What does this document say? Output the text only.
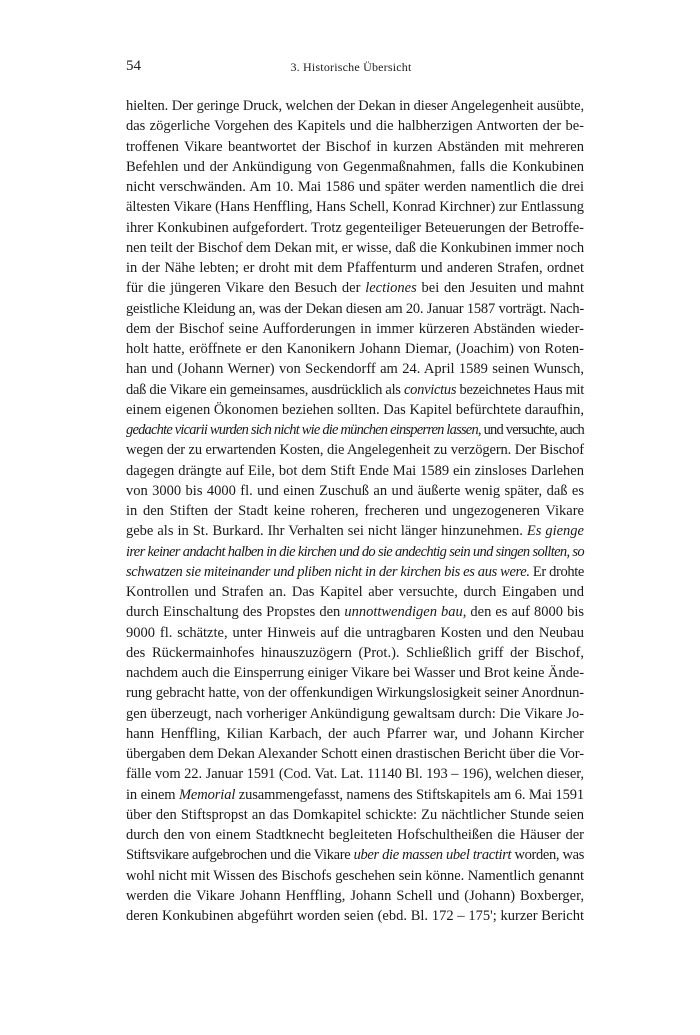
54	3. Historische Übersicht
hielten. Der geringe Druck, welchen der Dekan in dieser Angelegenheit ausübte,
das zögerliche Vorgehen des Kapitels und die halbherzigen Antworten der be-
troffenen Vikare beantwortet der Bischof in kurzen Abständen mit mehreren
Befehlen und der Ankündigung von Gegenmaßnahmen, falls die Konkubinen
nicht verschwänden. Am 10. Mai 1586 und später werden namentlich die drei
ältesten Vikare (Hans Henffling, Hans Schell, Konrad Kirchner) zur Entlassung
ihrer Konkubinen aufgefordert. Trotz gegenteiliger Beteuerungen der Betroffe-
nen teilt der Bischof dem Dekan mit, er wisse, daß die Konkubinen immer noch
in der Nähe lebten; er droht mit dem Pfaffenturm und anderen Strafen, ordnet
für die jüngeren Vikare den Besuch der lectiones bei den Jesuiten und mahnt
geistliche Kleidung an, was der Dekan diesen am 20. Januar 1587 vorträgt. Nach-
dem der Bischof seine Aufforderungen in immer kürzeren Abständen wieder-
holt hatte, eröffnete er den Kanonikern Johann Diemar, (Joachim) von Roten-
han und (Johann Werner) von Seckendorff am 24. April 1589 seinen Wunsch,
daß die Vikare ein gemeinsames, ausdrücklich als convictus bezeichnetes Haus mit
einem eigenen Ökonomen beziehen sollten. Das Kapitel befürchtete daraufhin,
gedachte vicarii wurden sich nicht wie die münchen einsperren lassen, und versuchte, auch
wegen der zu erwartenden Kosten, die Angelegenheit zu verzögern. Der Bischof
dagegen drängte auf Eile, bot dem Stift Ende Mai 1589 ein zinsloses Darlehen
von 3000 bis 4000 fl. und einen Zuschuß an und äußerte wenig später, daß es
in den Stiften der Stadt keine roheren, frecheren und ungezogeneren Vikare
gebe als in St. Burkard. Ihr Verhalten sei nicht länger hinzunehmen. Es gienge
irer keiner andacht halben in die kirchen und do sie andechtig sein und singen sollten, so
schwatzen sie miteinander und pliben nicht in der kirchen bis es aus were. Er drohte
Kontrollen und Strafen an. Das Kapitel aber versuchte, durch Eingaben und
durch Einschaltung des Propstes den unnottwendigen bau, den es auf 8000 bis
9000 fl. schätzte, unter Hinweis auf die untragbaren Kosten und den Neubau
des Rückermainhofes hinauszuzögern (Prot.). Schließlich griff der Bischof,
nachdem auch die Einsperrung einiger Vikare bei Wasser und Brot keine Ände-
rung gebracht hatte, von der offenkundigen Wirkungslosigkeit seiner Anordnun-
gen überzeugt, nach vorheriger Ankündigung gewaltsam durch: Die Vikare Jo-
hann Henffling, Kilian Karbach, der auch Pfarrer war, und Johann Kircher
übergaben dem Dekan Alexander Schott einen drastischen Bericht über die Vor-
fälle vom 22. Januar 1591 (Cod. Vat. Lat. 11140 Bl. 193 – 196), welchen dieser,
in einem Memorial zusammengefasst, namens des Stiftskapitels am 6. Mai 1591
über den Stiftspropst an das Domkapitel schickte: Zu nächtlicher Stunde seien
durch den von einem Stadtknecht begleiteten Hofschultheißen die Häuser der
Stiftsvikare aufgebrochen und die Vikare uber die massen ubel tractirt worden, was
wohl nicht mit Wissen des Bischofs geschehen sein könne. Namentlich genannt
werden die Vikare Johann Henffling, Johann Schell und (Johann) Boxberger,
deren Konkubinen abgeführt worden seien (ebd. Bl. 172 – 175'; kurzer Bericht
